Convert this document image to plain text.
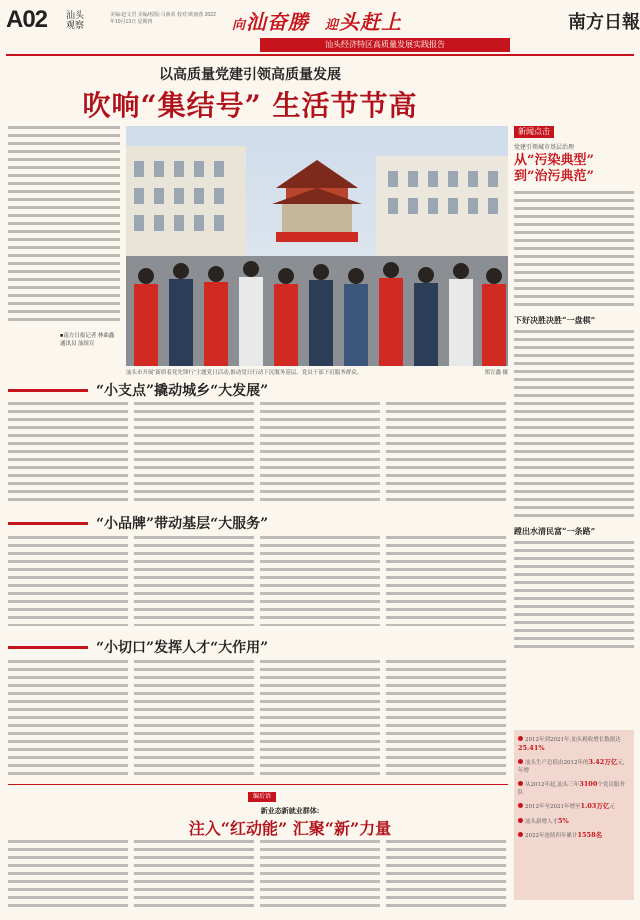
A02 汕头
观察
美编:赵文君 美编/校版:马素苗 校对:欧丽蓉 2022年10月13日 星期四	向汕奋勝 迎头赶上
汕头经济特区高质量发展实践报告
南方日報
以高质量党建引领高质量发展
吹响“集结号” 生活节节高
■南方日报记者 林曲鑫
通讯员 汕组宣
汕头市开展“新质着党先锋行”主题党日活动,推动党日行动下沉服务基层、党员干部下沉服务群众。	郑宣鑫 摄
“小支点”撬动城乡“大发展”
“小品牌”带动基层“大服务”
“小切口”发挥人才“大作用”
新闻点击
党建引领城市基层治理
从“污染典型”
到“治污典范”
下好决胜决胜“一盘棋”
蹚出水清民富“一条路”
2012年到2021年,汕头税收增长数据达25.41%
汕头生产总值由2012年的3.42万亿元,年增
从2012年起,汕头三年3100个党员服务队
2012年至2021年增至1.03万亿元
汕头新增人才5%
2022年连续四年累计1558名
编后语
新业态新就业群体:
注入“红动能” 汇聚“新”力量
